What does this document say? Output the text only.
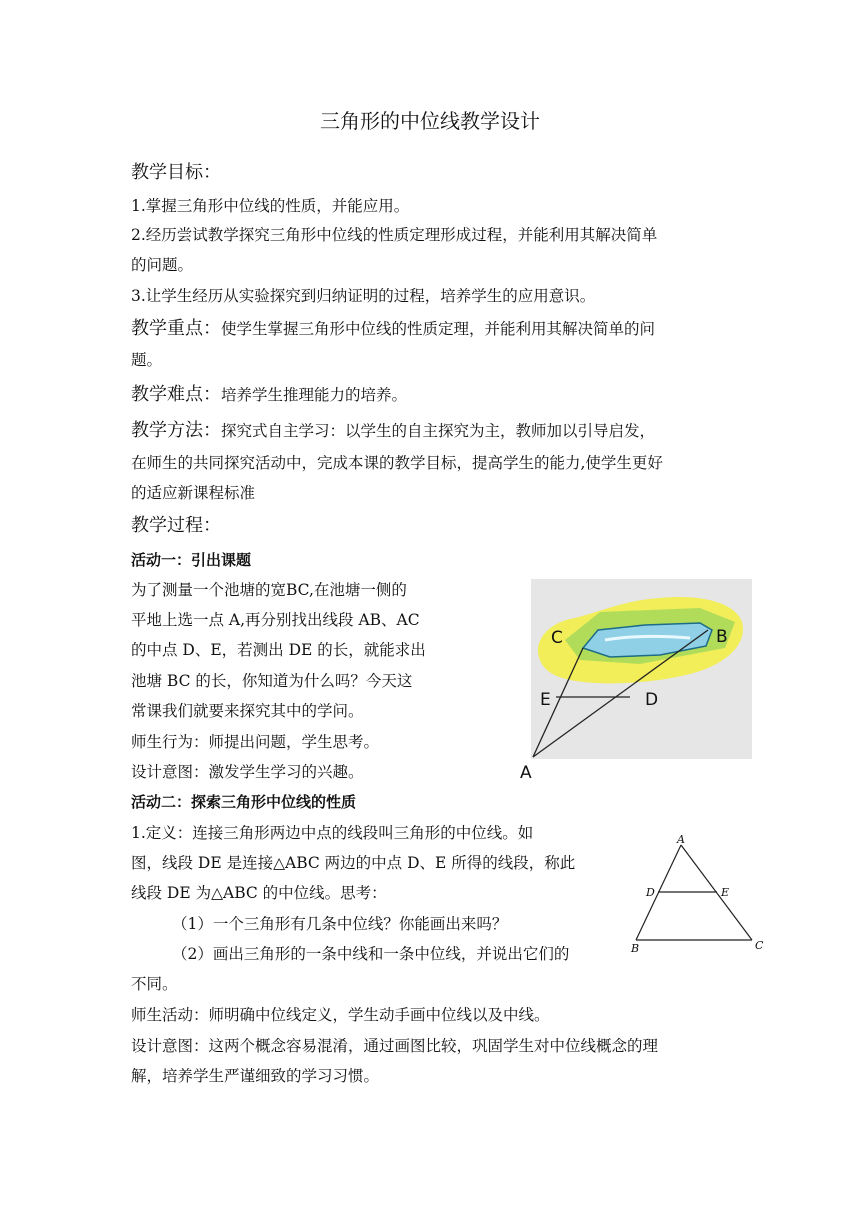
三角形的中位线教学设计
教学目标：
1.掌握三角形中位线的性质，并能应用。
2.经历尝试教学探究三角形中位线的性质定理形成过程，并能利用其解决简单
的问题。
3.让学生经历从实验探究到归纳证明的过程，培养学生的应用意识。
教学重点：使学生掌握三角形中位线的性质定理，并能利用其解决简单的问
题。
教学难点：培养学生推理能力的培养。
教学方法：探究式自主学习：以学生的自主探究为主，教师加以引导启发，
在师生的共同探究活动中，完成本课的教学目标，提高学生的能力,使学生更好
的适应新课程标准
教学过程：
活动一：引出课题
为了测量一个池塘的宽BC,在池塘一侧的
平地上选一点 A,再分别找出线段 AB、AC
的中点 D、E，若测出 DE 的长，就能求出
池塘 BC 的长，你知道为什么吗？今天这
常课我们就要来探究其中的学问。
师生行为：师提出问题，学生思考。
设计意图：激发学生学习的兴趣。
C	B
E	D
A
活动二：探索三角形中位线的性质
1.定义：连接三角形两边中点的线段叫三角形的中位线。如
图，线段 DE 是连接△ABC 两边的中点 D、E 所得的线段，称此
线段 DE 为△ABC 的中位线。思考：
（1）一个三角形有几条中位线？你能画出来吗？
（2）画出三角形的一条中线和一条中位线，并说出它们的
不同。
师生活动：师明确中位线定义，学生动手画中位线以及中线。
设计意图：这两个概念容易混淆，通过画图比较，巩固学生对中位线概念的理
解，培养学生严谨细致的学习习惯。
A
D	E
B	C
